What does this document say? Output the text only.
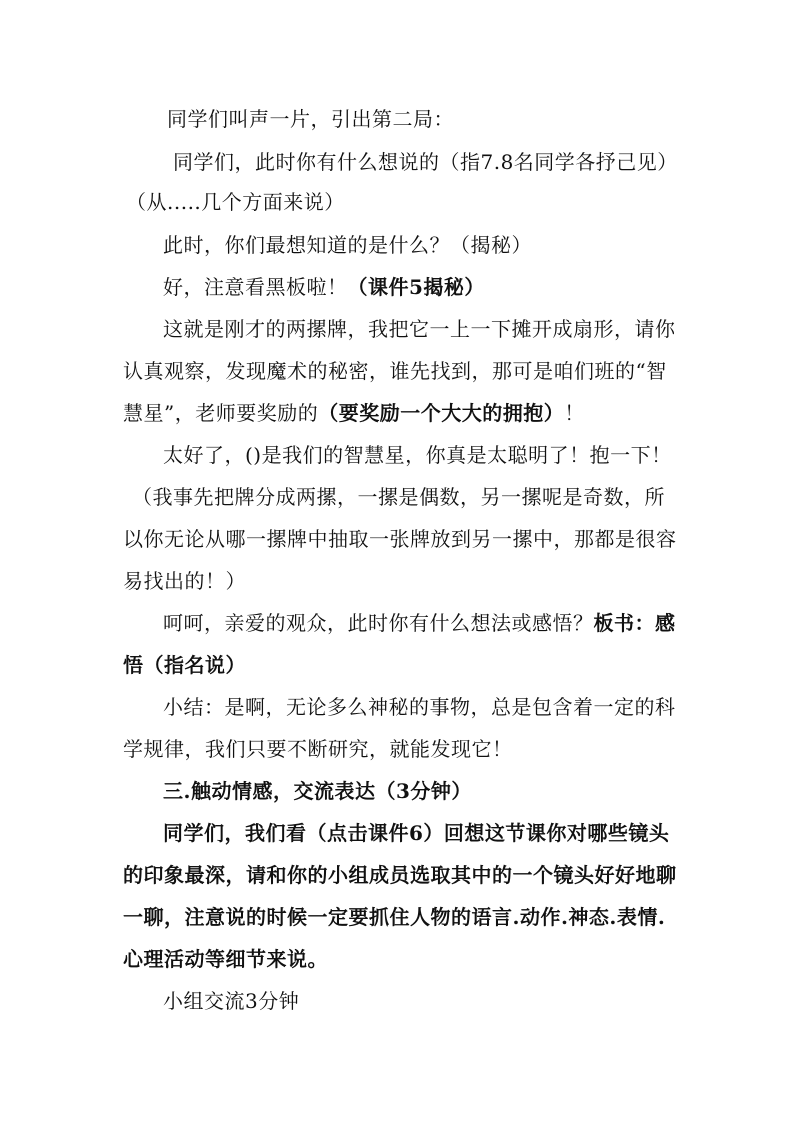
同学们叫声一片，引出第二局：
同学们，此时你有什么想说的（指7.8名同学各抒己见）
（从.....几个方面来说）
此时，你们最想知道的是什么？（揭秘）
好，注意看黑板啦！（课件5揭秘）
这就是刚才的两摞牌，我把它一上一下摊开成扇形，请你
认真观察，发现魔术的秘密，谁先找到，那可是咱们班的“智
慧星”，老师要奖励的（要奖励一个大大的拥抱）！
太好了，()是我们的智慧星，你真是太聪明了！抱一下！
（我事先把牌分成两摞，一摞是偶数，另一摞呢是奇数，所
以你无论从哪一摞牌中抽取一张牌放到另一摞中，那都是很容
易找出的！）
呵呵，亲爱的观众，此时你有什么想法或感悟？板书：感
悟（指名说）
小结：是啊，无论多么神秘的事物，总是包含着一定的科
学规律，我们只要不断研究，就能发现它！
三.触动情感，交流表达（3分钟）
同学们，我们看（点击课件6）回想这节课你对哪些镜头
的印象最深，请和你的小组成员选取其中的一个镜头好好地聊
一聊，注意说的时候一定要抓住人物的语言.动作.神态.表情.
心理活动等细节来说。
小组交流3分钟
